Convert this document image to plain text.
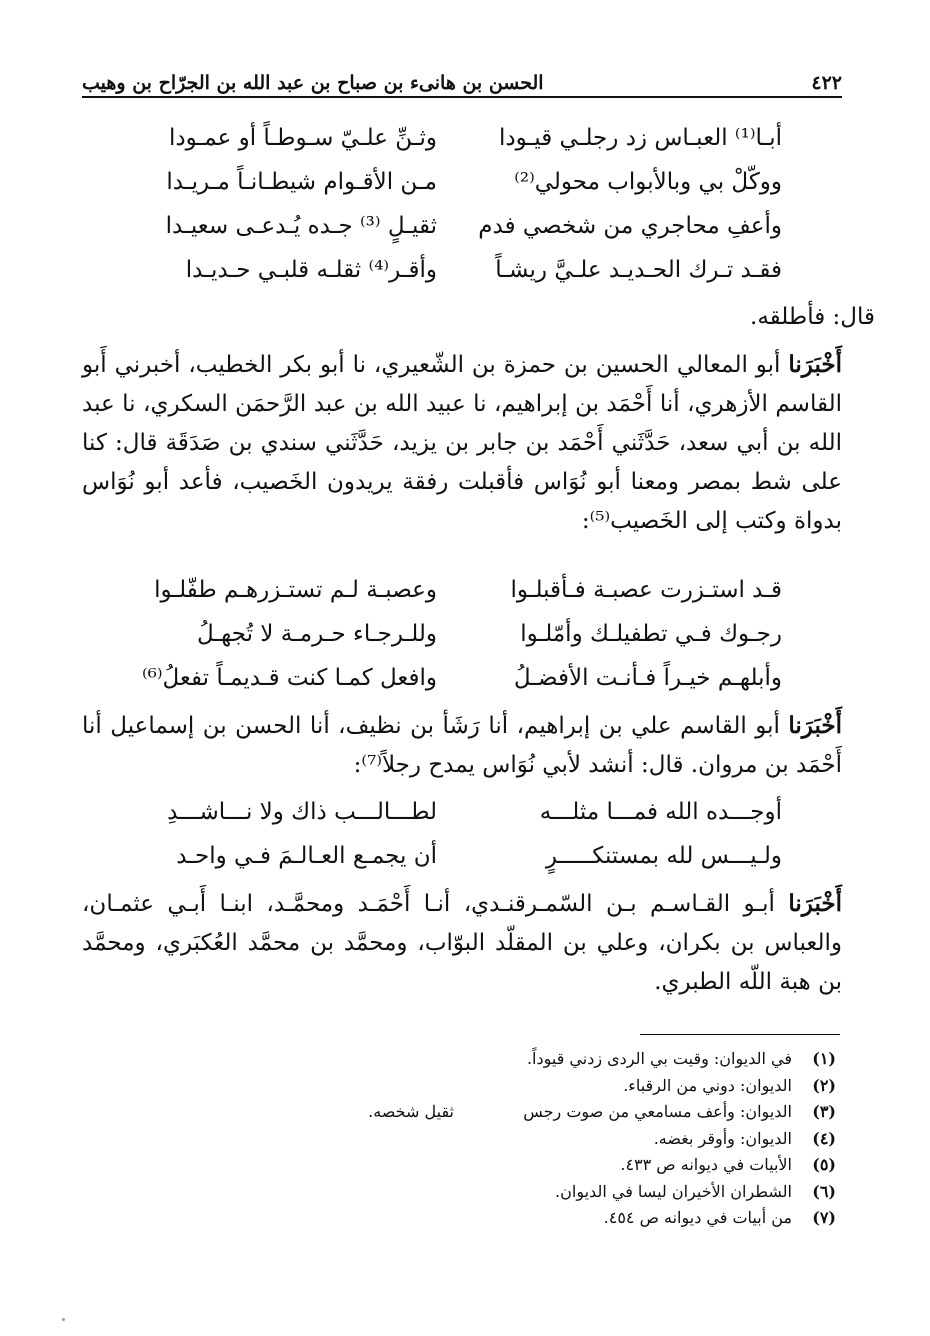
٤٢٢
الحسن بن هانىء بن صباح بن عبد الله بن الجرّاح بن وهيب
أبـا⁽¹⁾ العبـاس زد رجلـي قيـودا
وثـنِّ علـيّ سـوطـاً أو عمـودا
ووكّلْ بي وبالأبواب محولي⁽²⁾
مـن الأقـوام شيطـانـاً مـريـدا
وأعفِ محاجري من شخصي فدم
ثقيـلٍ ⁽³⁾ جـده يُـدعـى سعيـدا
فقـد تـرك الحـديـد علـيَّ ريشـاً
وأقـر⁽⁴⁾ ثقلـه قلبـي حـديـدا
قال: فأطلقه.
أَخْبَرَنا أبو المعالي الحسين بن حمزة بن الشّعيري، نا أبو بكر الخطيب، أخبرني أَبو القاسم الأزهري، أنا أَحْمَد بن إبراهيم، نا عبيد الله بن عبد الرَّحمَن السكري، نا عبد الله بن أبي سعد، حَدَّثَني أَحْمَد بن جابر بن يزيد، حَدَّثَني سندي بن صَدَقَة قال: كنا على شط بمصر ومعنا أبو نُوَاس فأقبلت رفقة يريدون الخَصيب، فأعد أبو نُوَاس بدواة وكتب إلى الخَصيب⁽⁵⁾:
قـد استـزرت عصبـة فـأقبلـوا
وعصبـة لـم تستـزرهـم طفّلـوا
رجـوك فـي تطفيلـك وأمّلـوا
وللـرجـاء حـرمـة لا تُجهـلُ
وأبلهـم خيـراً فـأنـت الأفضـلُ
وافعل كمـا كنت قـديمـاً تفعلُ⁽⁶⁾
أَخْبَرَنا أبو القاسم علي بن إبراهيم، أنا رَشَأ بن نظيف، أنا الحسن بن إسماعيل أنا أَحْمَد بن مروان. قال: أنشد لأبي نُوَاس يمدح رجلاً⁽⁷⁾:
أوجـــده الله فمـــا مثلـــه
لطـــالـــب ذاك ولا نـــاشـــدِ
ولـيـــس لله بمستنكـــــرٍ
أن يجمـع العـالـمَ فـي واحـد
أَخْبَرَنا أبـو القـاسـم بـن السّمـرقنـدي، أنـا أَحْمَـد ومحمَّـد، ابنـا أَبـي عثمـان، والعباس بن بكران، وعلي بن المقلّد البوّاب، ومحمَّد بن محمَّد العُكبَري، ومحمَّد بن هبة اللّه الطبري.
(١)
في الديوان: وقيت بي الردى زدني قيوداً.
(٢)
الديوان: دوني من الرقباء.
(٣)
الديوان: وأعف مسامعي من صوت رجس
ثقيل شخصه.
(٤)
الديوان: وأوقر بغضه.
(٥)
الأبيات في ديوانه ص ٤٣٣.
(٦)
الشطران الأخيران ليسا في الديوان.
(٧)
من أبيات في ديوانه ص ٤٥٤.
